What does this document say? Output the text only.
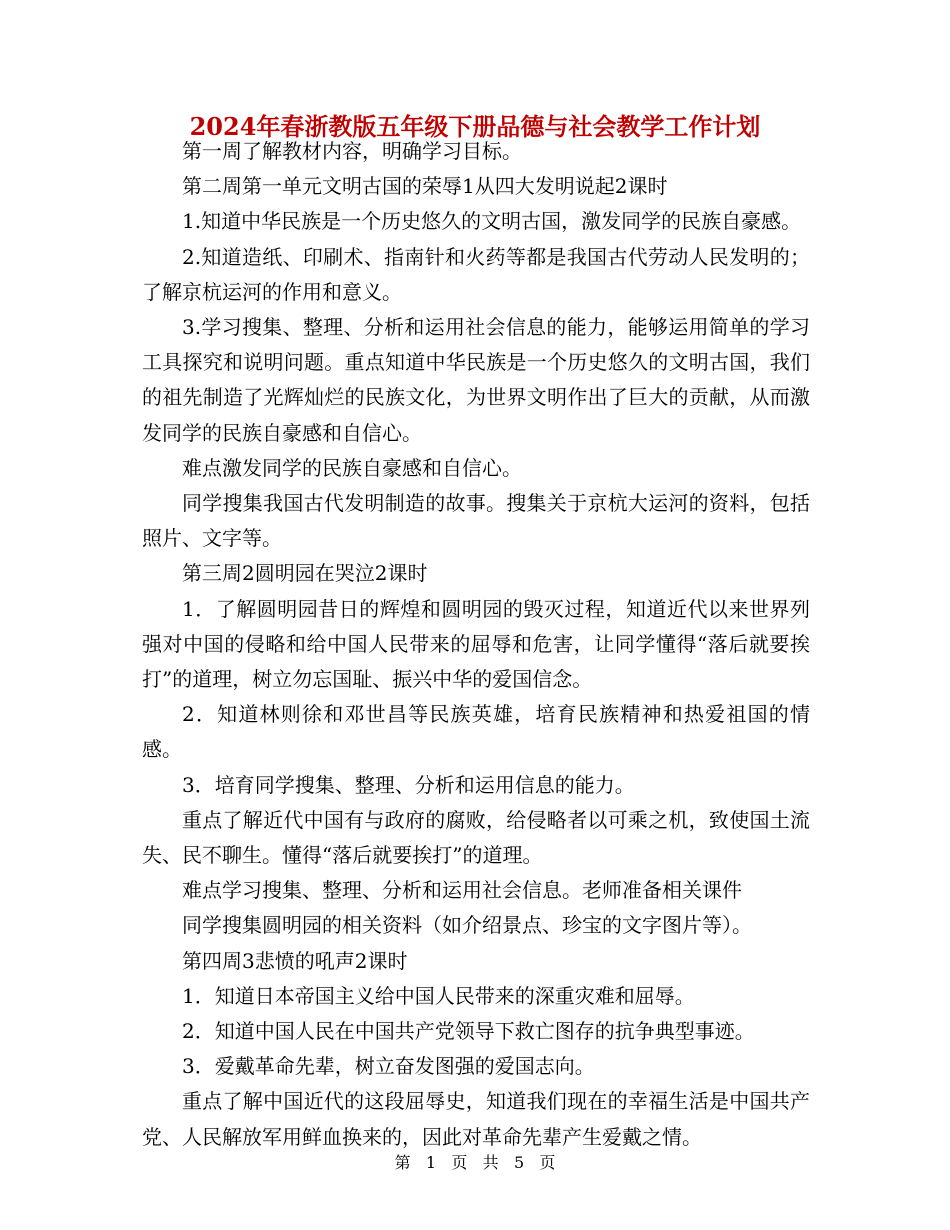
2024年春浙教版五年级下册品德与社会教学工作计划

第一周了解教材内容，明确学习目标。

第二周第一单元文明古国的荣辱1从四大发明说起2课时

1.知道中华民族是一个历史悠久的文明古国，激发同学的民族自豪感。

2.知道造纸、印刷术、指南针和火药等都是我国古代劳动人民发明的；了解京杭运河的作用和意义。

3.学习搜集、整理、分析和运用社会信息的能力，能够运用简单的学习工具探究和说明问题。重点知道中华民族是一个历史悠久的文明古国，我们的祖先制造了光辉灿烂的民族文化，为世界文明作出了巨大的贡献，从而激发同学的民族自豪感和自信心。

难点激发同学的民族自豪感和自信心。

同学搜集我国古代发明制造的故事。搜集关于京杭大运河的资料，包括照片、文字等。

第三周2圆明园在哭泣2课时

1．了解圆明园昔日的辉煌和圆明园的毁灭过程，知道近代以来世界列强对中国的侵略和给中国人民带来的屈辱和危害，让同学懂得“落后就要挨打”的道理，树立勿忘国耻、振兴中华的爱国信念。

2．知道林则徐和邓世昌等民族英雄，培育民族精神和热爱祖国的情感。

3．培育同学搜集、整理、分析和运用信息的能力。

重点了解近代中国有与政府的腐败，给侵略者以可乘之机，致使国土流失、民不聊生。懂得“落后就要挨打”的道理。

难点学习搜集、整理、分析和运用社会信息。老师准备相关课件

同学搜集圆明园的相关资料（如介绍景点、珍宝的文字图片等）。

第四周3悲愤的吼声2课时

1．知道日本帝国主义给中国人民带来的深重灾难和屈辱。

2．知道中国人民在中国共产党领导下救亡图存的抗争典型事迹。

3．爱戴革命先辈，树立奋发图强的爱国志向。

重点了解中国近代的这段屈辱史，知道我们现在的幸福生活是中国共产党、人民解放军用鲜血换来的，因此对革命先辈产生爱戴之情。

第 1 页 共 5 页
